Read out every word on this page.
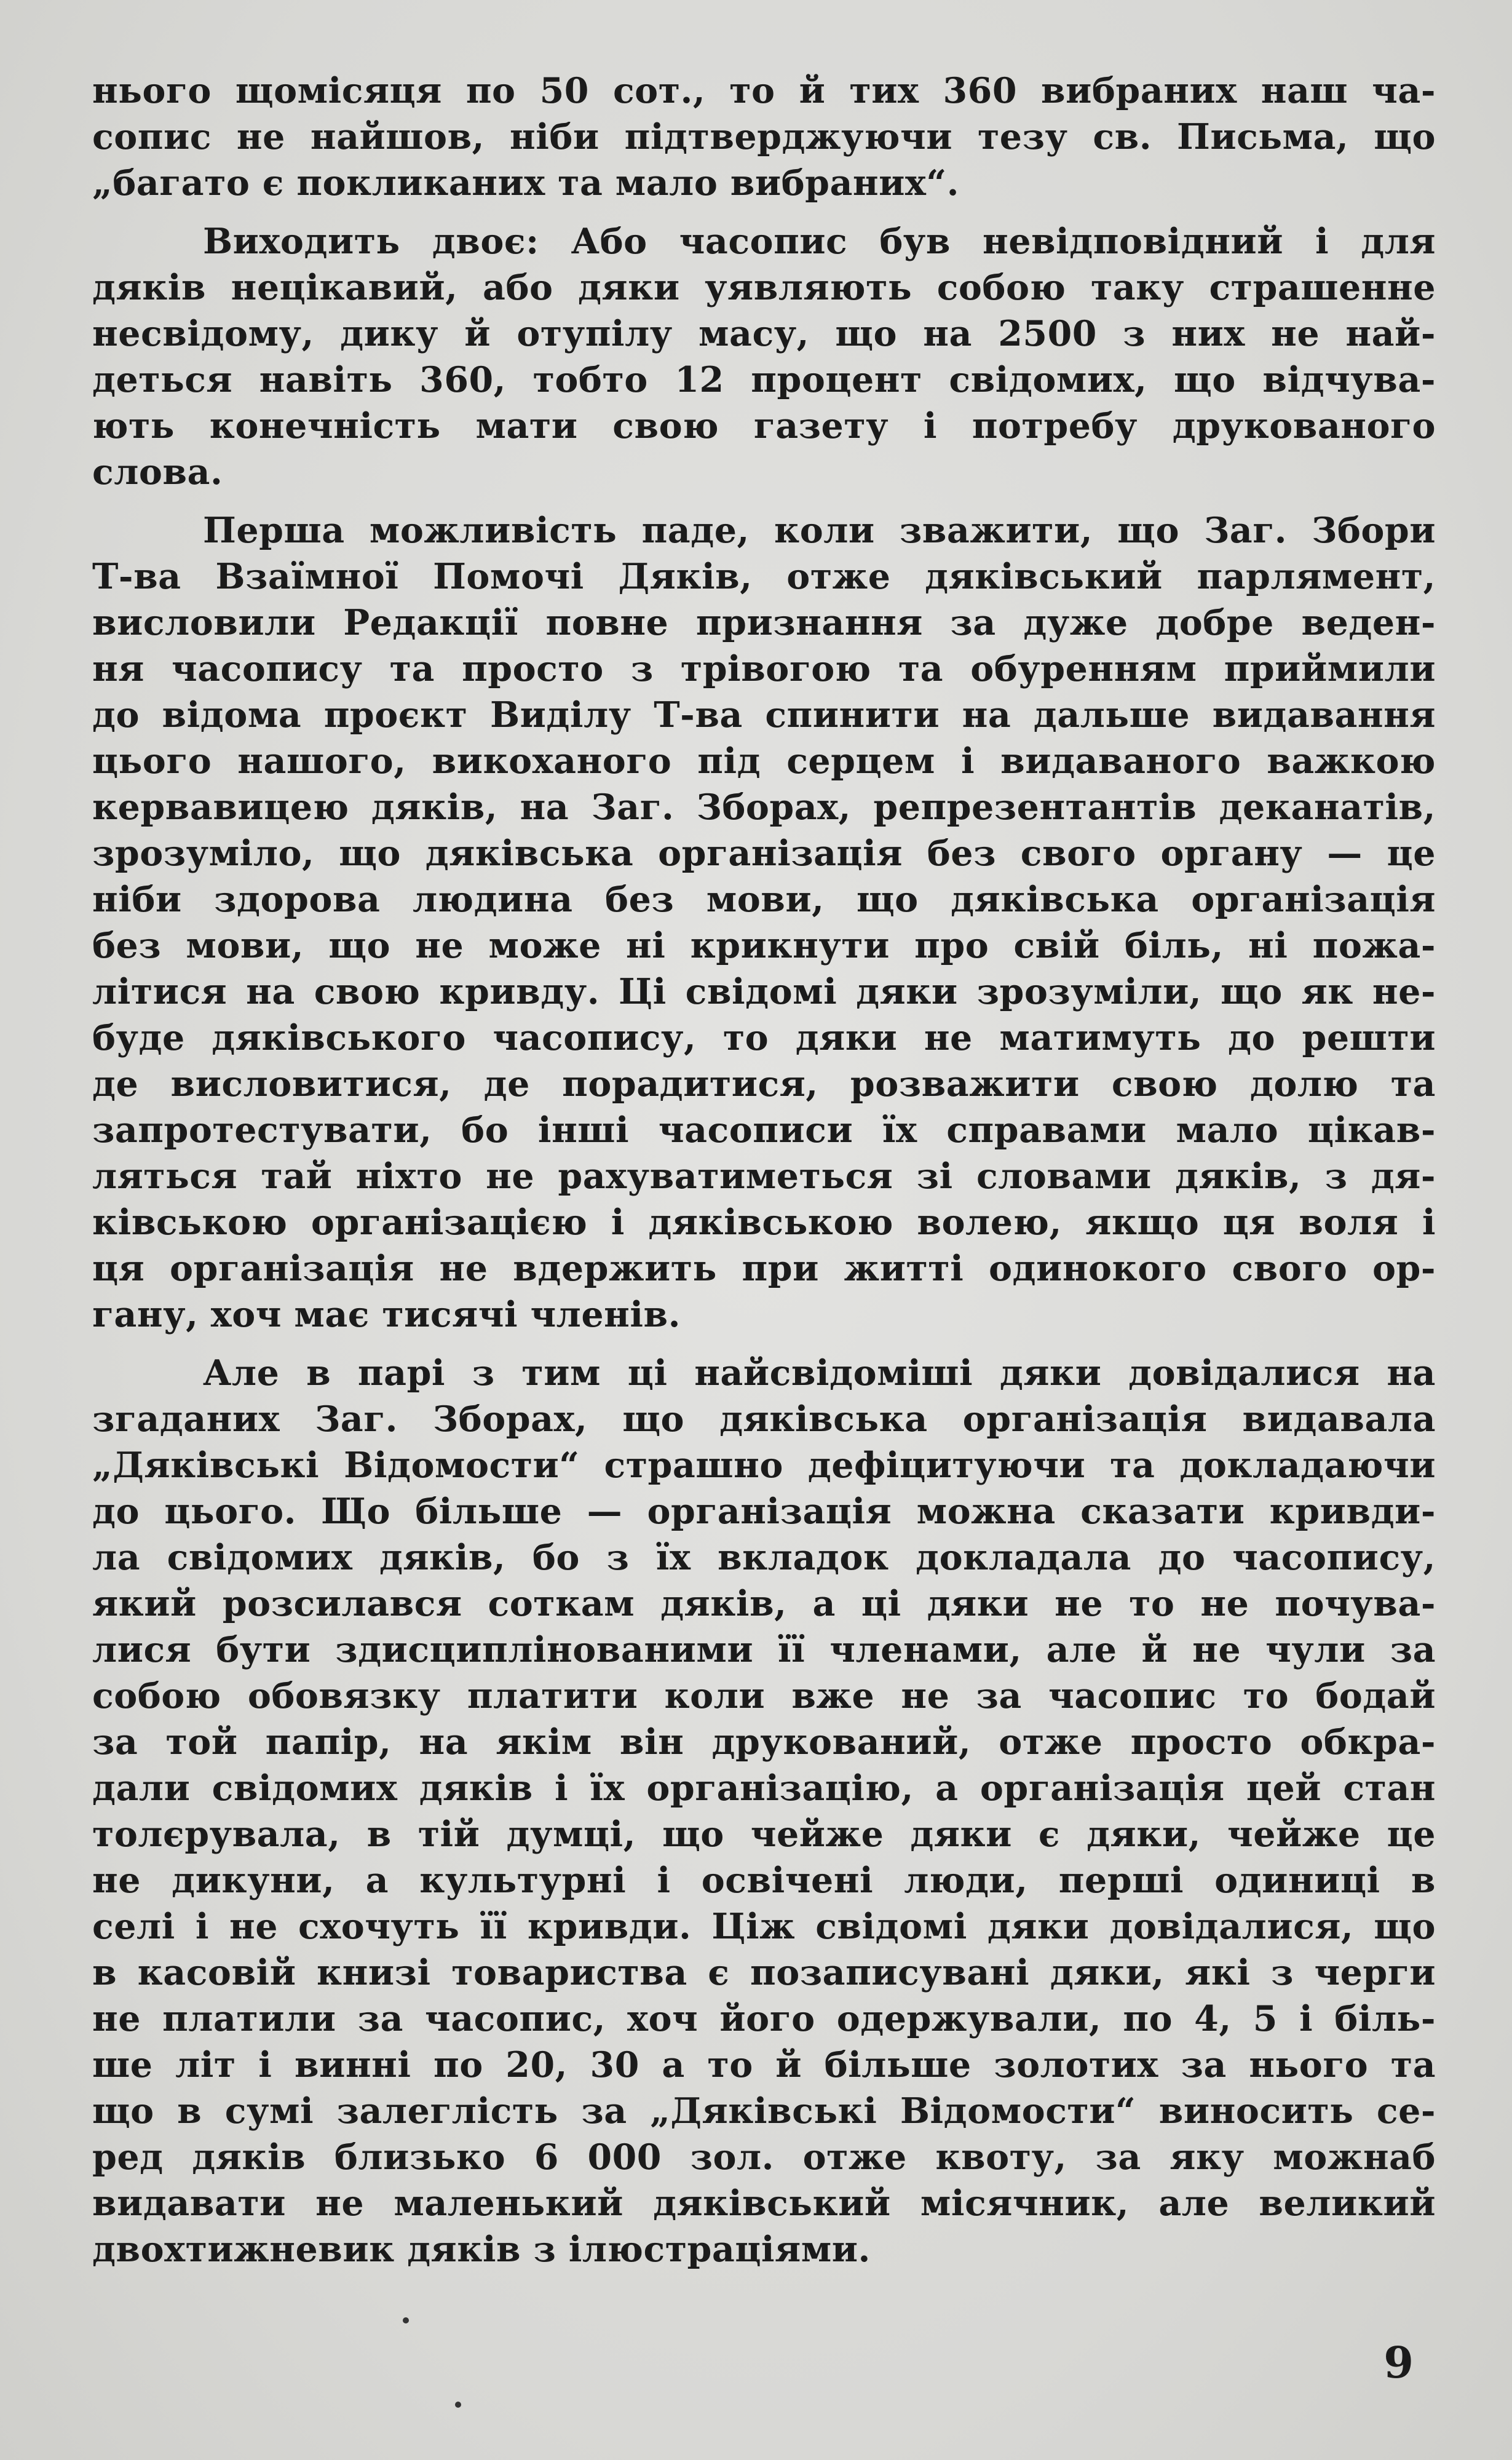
нього щомісяця по 50 сот., то й тих 360 вибраних наш ча-
сопис не найшов, ніби підтверджуючи тезу св. Письма, що
„багато є покликаних та мало вибраних“.
Виходить двоє: Або часопис був невідповідний і для
дяків нецікавий, або дяки уявляють собою таку страшенне
несвідому, дику й отупілу масу, що на 2500 з них не най-
деться навіть 360, тобто 12 процент свідомих, що відчува-
ють конечність мати свою газету і потребу друкованого
слова.
Перша можливість паде, коли зважити, що Заг. Збори
Т-ва Взаїмної Помочі Дяків, отже дяківський парлямент,
висловили Редакції повне признання за дуже добре веден-
ня часопису та просто з трівогою та обуренням приймили
до відома проєкт Виділу Т-ва спинити на дальше видавання
цього нашого, викоханого під серцем і видаваного важкою
кервавицею дяків, на Заг. Зборах, репрезентантів деканатів,
зрозуміло, що дяківська організація без свого органу — це
ніби здорова людина без мови, що дяківська організація
без мови, що не може ні крикнути про свій біль, ні пожа-
літися на свою кривду. Ці свідомі дяки зрозуміли, що як не-
буде дяківського часопису, то дяки не матимуть до решти
де висловитися, де порадитися, розважити свою долю та
запротестувати, бо інші часописи їх справами мало цікав-
ляться тай ніхто не рахуватиметься зі словами дяків, з дя-
ківською організацією і дяківською волею, якщо ця воля і
ця організація не вдержить при житті одинокого свого ор-
гану, хоч має тисячі членів.
Але в парі з тим ці найсвідоміші дяки довідалися на
згаданих Заг. Зборах, що дяківська організація видавала
„Дяківські Відомости“ страшно дефіцитуючи та докладаючи
до цього. Що більше — організація можна сказати кривди-
ла свідомих дяків, бо з їх вкладок докладала до часопису,
який розсилався соткам дяків, а ці дяки не то не почува-
лися бути здисциплінованими її членами, але й не чули за
собою обовязку платити коли вже не за часопис то бодай
за той папір, на якім він друкований, отже просто обкра-
дали свідомих дяків і їх організацію, а організація цей стан
толєрувала, в тій думці, що чейже дяки є дяки, чейже це
не дикуни, а культурні і освічені люди, перші одиниці в
селі і не схочуть її кривди. Ціж свідомі дяки довідалися, що
в касовій книзі товариства є позаписувані дяки, які з черги
не платили за часопис, хоч його одержували, по 4, 5 і біль-
ше літ і винні по 20, 30 а то й більше золотих за нього та
що в сумі залеглість за „Дяківські Відомости“ виносить се-
ред дяків близько 6 000 зол. отже квоту, за яку можнаб
видавати не маленький дяківський місячник, але великий
двохтижневик дяків з ілюстраціями.
9
